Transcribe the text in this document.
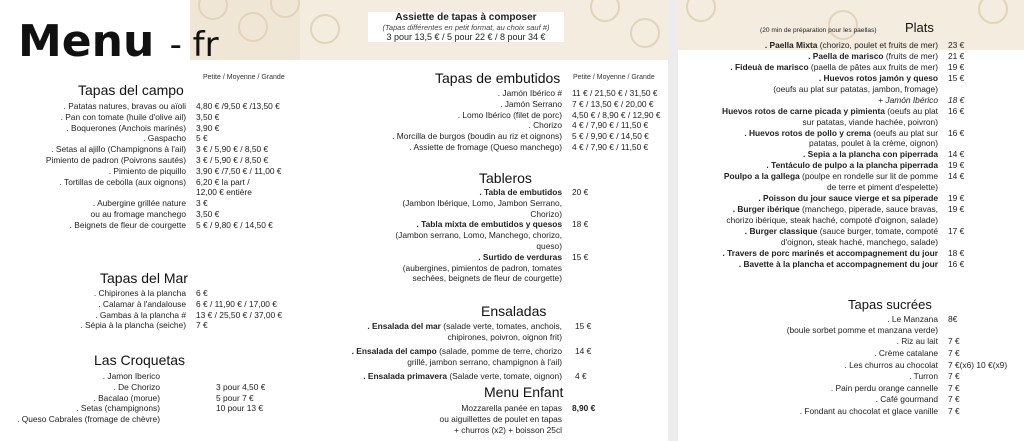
Menu - fr
Assiette de tapas à composer
(Tapas différentes en petit format, au choix sauf #)
3 pour 13,5 € / 5 pour 22 € / 8 pour 34 €
Petite / Moyenne / Grande
Tapas del campo
. Patatas natures, bravas ou aïoli 4,80 € /9,50 € /13,50 €
. Pan con tomate (huile d'olive ail) 3,50 €
. Boquerones (Anchois marinés) 3,90 €
. Gaspacho 5 €
. Setas al ajillo (Champignons à l'ail) 3 € / 5,90 € / 8,50 €
Pimiento de padron (Poivrons sautés) 3 € / 5,90 € / 8,50 €
. Pimiento de piquillo 3,90 € /7,50 € / 11,00 €
. Tortillas de cebolla (aux oignons) 6,20 € la part /
12,00 € entière
. Aubergine grillée nature 3 €
ou au fromage manchego 3,50 €
. Beignets de fleur de courgette 5 € / 9,80 € / 14,50 €
Tapas del Mar
. Chipirones à la plancha 6 €
. Calamar à l'andalouse 6 € / 11,90 € / 17,00 €
. Gambas à la plancha # 13 € / 25,50 € / 37,00 €
. Sépia à la plancha (seiche) 7 €
Las Croquetas
. Jamon Iberico
. De Chorizo	3 pour 4,50 €
. Bacalao (morue)	5 pour 7 €
. Setas (champignons)	10 pour 13 €
. Queso Cabrales (fromage de chèvre)
Petite / Moyenne / Grande
Tapas de embutidos
. Jamón Ibérico # 11 € / 21,50 € / 31,50 €
. Jamón Serrano 7 € / 13,50 € / 20,00 €
. Lomo Ibérico (filet de porc) 4,50 € / 8,90 € / 12,90 €
. Chorizo 4 € / 7,90 € / 11,50 €
. Morcilla de burgos (boudin au riz et oignons) 5 € / 9,90 € / 14,50 €
. Assiette de fromage (Queso manchego) 4 € / 7,90 € / 11,50 €
Tableros
. Tabla de embutidos
(Jambon Ibérique, Lomo, Jambon Serrano,
Chorizo)
20 €
. Tabla mixta de embutidos y quesos
(Jambon serrano, Lomo, Manchego, chorizo,
queso)
18 €
. Surtido de verduras
(aubergines, pimientos de padron, tomates
sechées, beignets de fleur de courgette)
15 €
Ensaladas
. Ensalada del mar (salade verte, tomates, anchois,
chipirones, poivron, oignon frit)
15 €
. Ensalada del campo (salade, pomme de terre, chorizo
grillé, jambon serrano, champignon à l'ail)
14 €
. Ensalada primavera (Salade verte, tomate, oignon) 4 €
Menu Enfant
Mozzarella panée en tapas
ou aiguillettes de poulet en tapas
+ churros (x2) + boisson 25cl
8,90 €
(20 min de préparation pour les paellas) Plats
. Paella Mixta (chorizo, poulet et fruits de mer) 23 €
. Paella de marisco (fruits de mer) 21 €
. Fideuà de marisco (paella de pâtes aux fruits de mer) 19 €
. Huevos rotos jamón y queso
(oeufs au plat sur patatas, jambon, fromage)
15 €
+ Jamón Ibérico 18 €
Huevos rotos de carne picada y pimienta (oeufs au plat
sur patatas, viande hachée, poivron)
16 €
. Huevos rotos de pollo y crema (oeufs au plat sur
patatas, poulet à la crème, oignon)
16 €
. Sepia a la plancha con piperrada 14 €
. Tentáculo de pulpo a la plancha piperrada 19 €
Poulpo a la gallega (poulpe en rondelle sur lit de pomme
de terre et piment d'espelette)
14 €
. Poisson du jour sauce vierge et sa piperade 19 €
. Burger ibérique (manchego, piperade, sauce bravas,
chorizo ibérique, steak haché, compoté d'oignon, salade)
19 €
. Burger classique (sauce burger, tomate, compoté
d'oignon, steak haché, manchego, salade)
17 €
. Travers de porc marinés et accompagnement du jour 18 €
. Bavette à la plancha et accompagnement du jour 16 €
Tapas sucrées
. Le Manzana
(boule sorbet pomme et manzana verde)
8€
. Riz au lait 7 €
. Crème catalane 7 €
. Les churros au chocolat 7 €(x6) 10 €(x9)
. Turron 7 €
. Pain perdu orange cannelle 7 €
. Café gourmand 7 €
. Fondant au chocolat et glace vanille 7 €
